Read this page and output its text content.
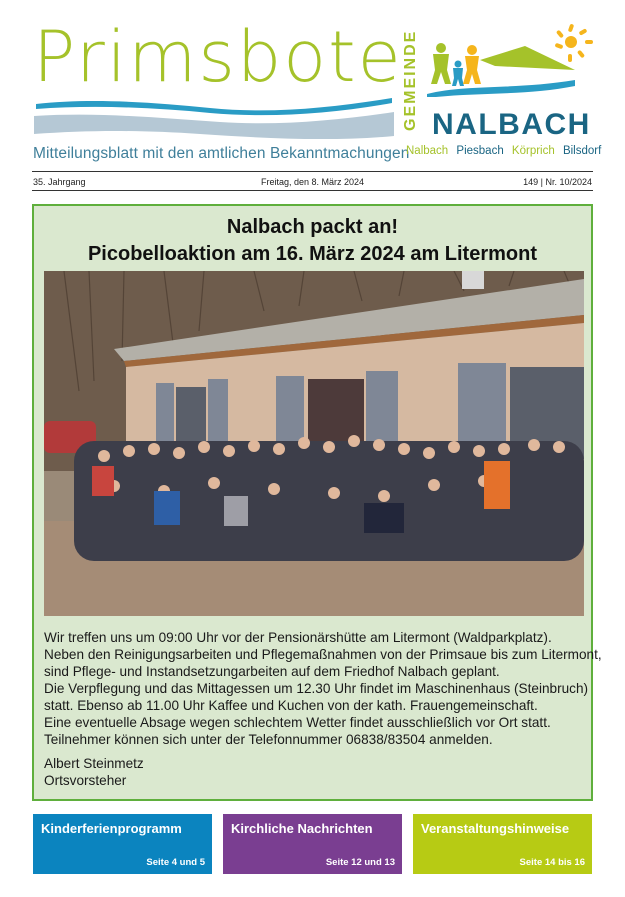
Primsbote
Mitteilungsblatt mit den amtlichen Bekanntmachungen
GEMEINDE NALBACH
Nalbach Piesbach Körprich Bilsdorf
35. Jahrgang	Freitag, den 8. März 2024	149 | Nr. 10/2024
Nalbach packt an!
Picobelloaktion am 16. März 2024 am Litermont

Wir treffen uns um 09:00 Uhr vor der Pensionärshütte am Litermont (Waldparkplatz).

Neben den Reinigungsarbeiten und Pflegemaßnahmen von der Primsaue bis zum Litermont,

sind Pflege- und Instandsetzungarbeiten auf dem Friedhof Nalbach geplant.

Die Verpflegung und das Mittagessen um 12.30 Uhr findet im Maschinenhaus (Steinbruch)

statt. Ebenso ab 11.00 Uhr Kaffee und Kuchen von der kath. Frauengemeinschaft.

Eine eventuelle Absage wegen schlechtem Wetter findet ausschließlich vor Ort statt.

Teilnehmer können sich unter der Telefonnummer 06838/83504 anmelden.

Albert Steinmetz
Ortsvorsteher
Kinderferienprogramm
Seite 4 und 5
Kirchliche Nachrichten
Seite 12 und 13
Veranstaltungshinweise
Seite 14 bis 16
